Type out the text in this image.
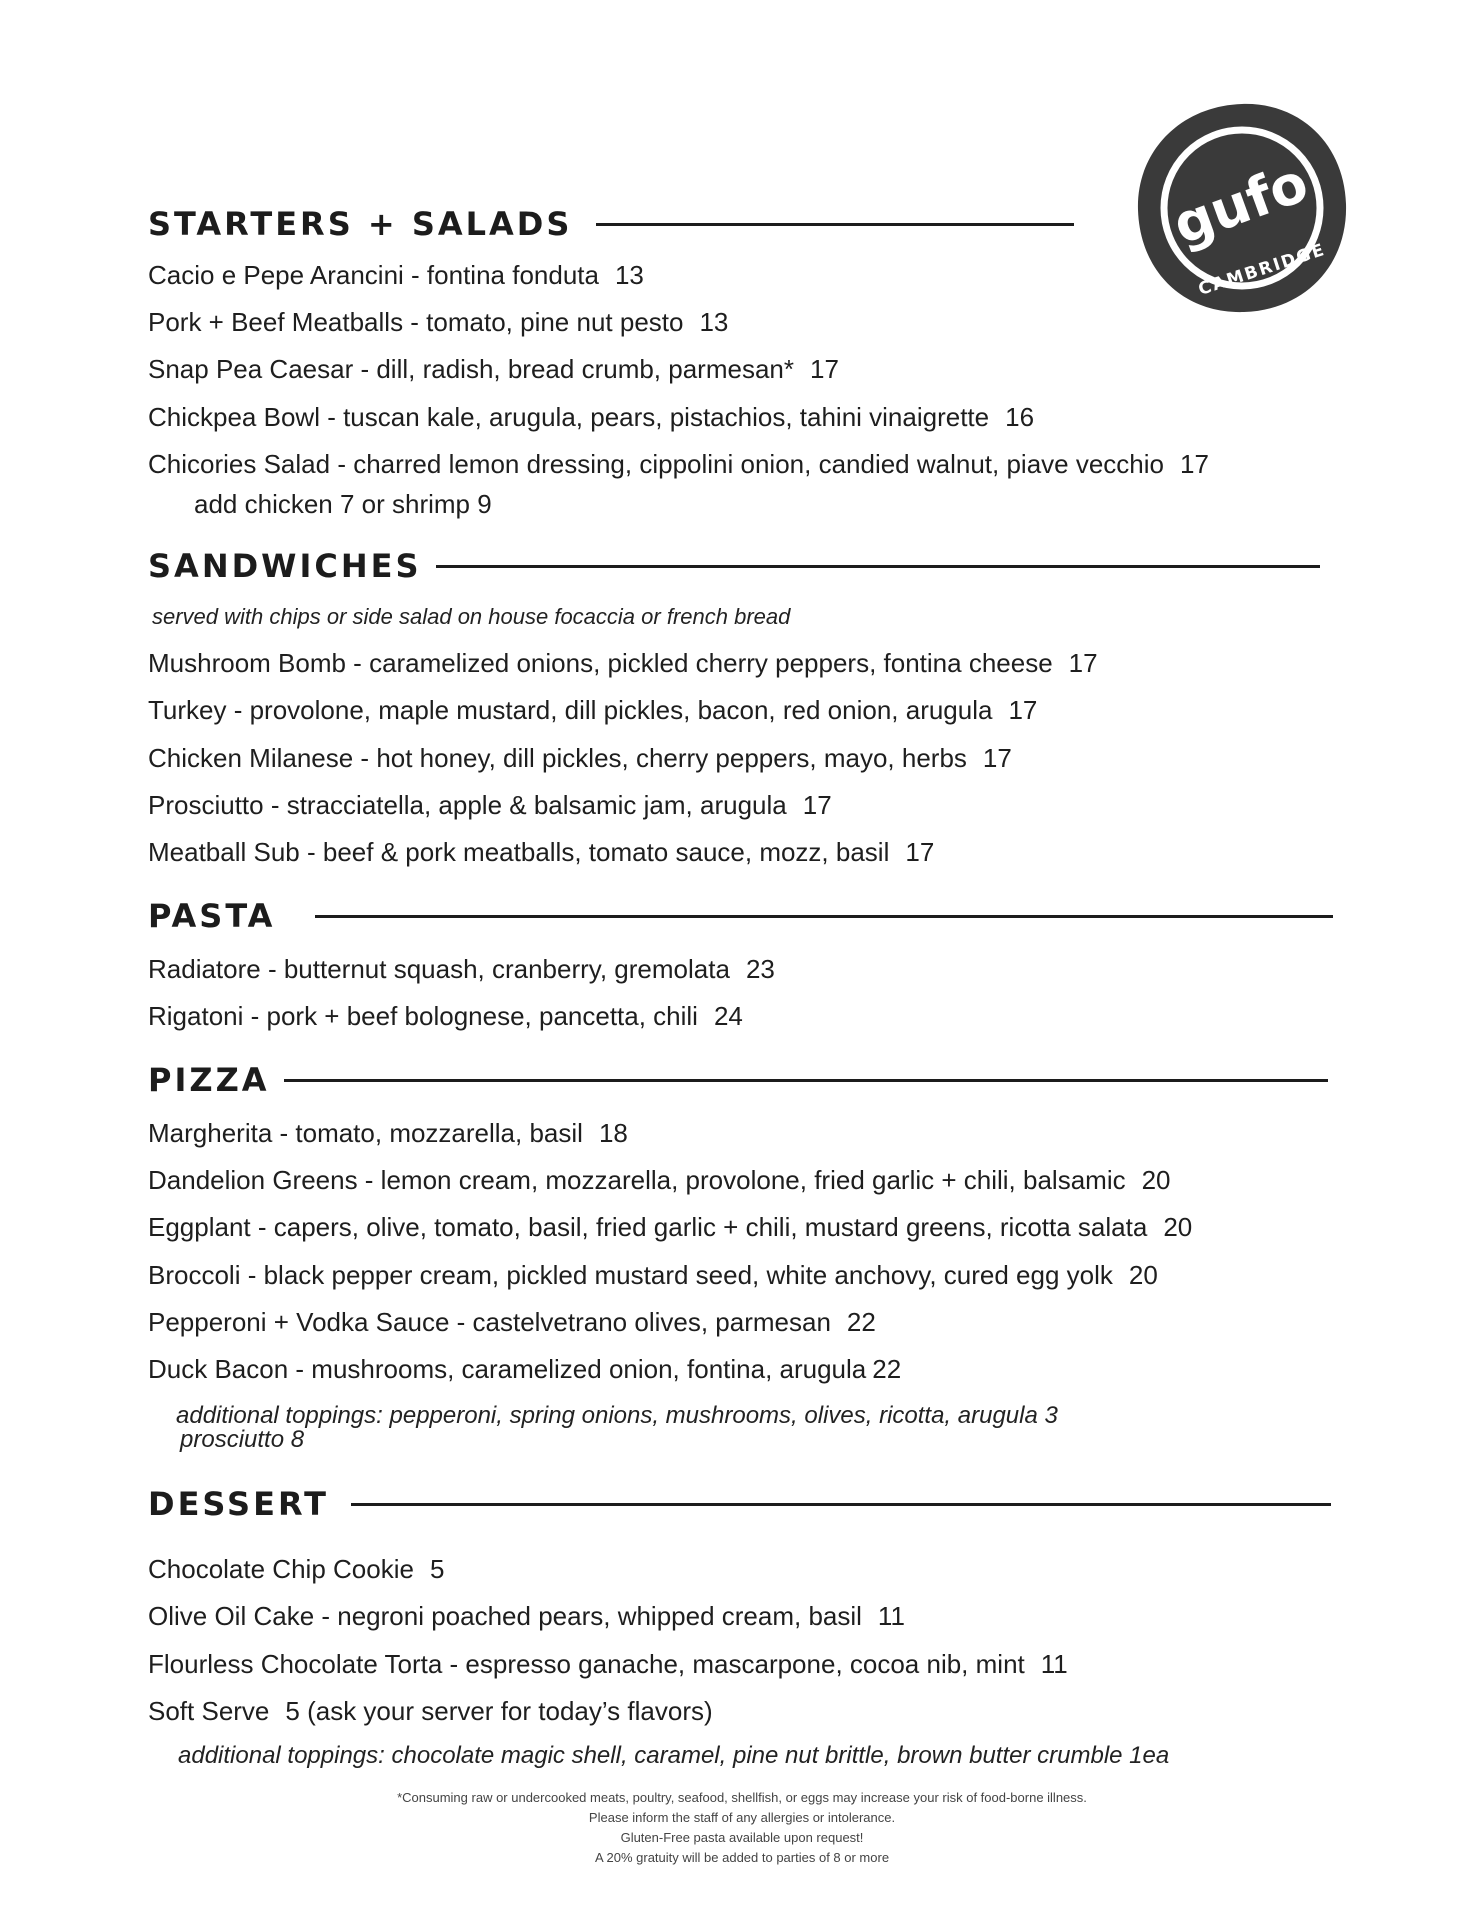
gufo
CAMBRIDGE
STARTERS + SALADS
Cacio e Pepe Arancini - fontina fonduta 13
Pork + Beef Meatballs - tomato, pine nut pesto 13
Snap Pea Caesar - dill, radish, bread crumb, parmesan* 17
Chickpea Bowl - tuscan kale, arugula, pears, pistachios, tahini vinaigrette 16
Chicories Salad - charred lemon dressing, cippolini onion, candied walnut, piave vecchio 17
add chicken 7 or shrimp 9
SANDWICHES
served with chips or side salad on house focaccia or french bread
Mushroom Bomb - caramelized onions, pickled cherry peppers, fontina cheese 17
Turkey - provolone, maple mustard, dill pickles, bacon, red onion, arugula 17
Chicken Milanese - hot honey, dill pickles, cherry peppers, mayo, herbs 17
Prosciutto - stracciatella, apple & balsamic jam, arugula 17
Meatball Sub - beef & pork meatballs, tomato sauce, mozz, basil 17
PASTA
Radiatore - butternut squash, cranberry, gremolata 23
Rigatoni - pork + beef bolognese, pancetta, chili 24
PIZZA
Margherita - tomato, mozzarella, basil 18
Dandelion Greens - lemon cream, mozzarella, provolone, fried garlic + chili, balsamic 20
Eggplant - capers, olive, tomato, basil, fried garlic + chili, mustard greens, ricotta salata 20
Broccoli - black pepper cream, pickled mustard seed, white anchovy, cured egg yolk 20
Pepperoni + Vodka Sauce - castelvetrano olives, parmesan 22
Duck Bacon - mushrooms, caramelized onion, fontina, arugula 22
additional toppings: pepperoni, spring onions, mushrooms, olives, ricotta, arugula 3
prosciutto 8
DESSERT
Chocolate Chip Cookie 5
Olive Oil Cake - negroni poached pears, whipped cream, basil 11
Flourless Chocolate Torta - espresso ganache, mascarpone, cocoa nib, mint 11
Soft Serve 5 (ask your server for today’s flavors)
additional toppings: chocolate magic shell, caramel, pine nut brittle, brown butter crumble 1ea
*Consuming raw or undercooked meats, poultry, seafood, shellfish, or eggs may increase your risk of food-borne illness.
Please inform the staff of any allergies or intolerance.
Gluten-Free pasta available upon request!
A 20% gratuity will be added to parties of 8 or more
